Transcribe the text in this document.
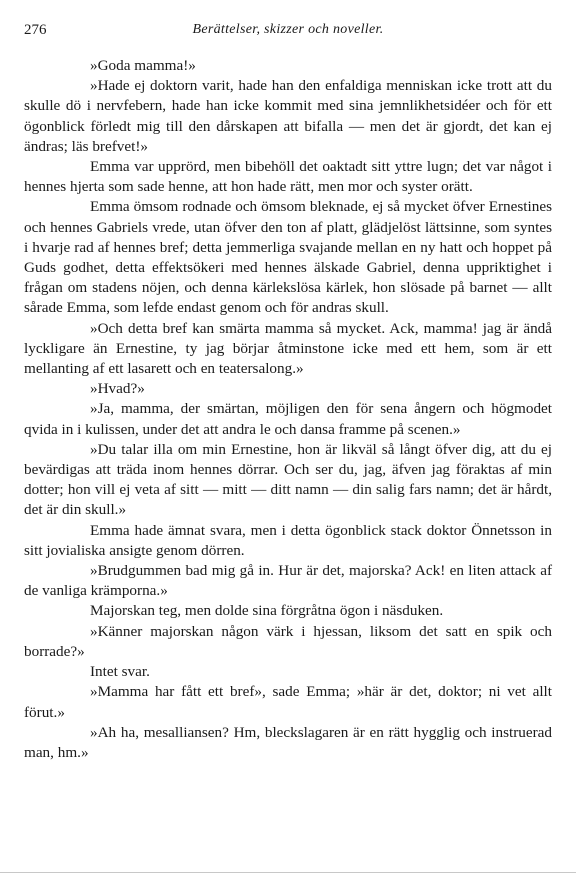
276	Berättelser, skizzer och noveller.

»Goda mamma!»

»Hade ej doktorn varit, hade han den enfaldiga menniskan icke trott att du skulle dö i nervfebern, hade han icke kommit med sina jemnlikhetsidéer och för ett ögonblick förledt mig till den dårskapen att bifalla — men det är gjordt, det kan ej ändras; läs brefvet!»

Emma var upprörd, men bibehöll det oaktadt sitt yttre lugn; det var något i hennes hjerta som sade henne, att hon hade rätt, men mor och syster orätt.

Emma ömsom rodnade och ömsom bleknade, ej så mycket öfver Ernestines och hennes Gabriels vrede, utan öfver den ton af platt, glädjelöst lättsinne, som syntes i hvarje rad af hennes bref; detta jemmerliga svajande mellan en ny hatt och hoppet på Guds godhet, detta effektsökeri med hennes älskade Gabriel, denna uppriktighet i frågan om stadens nöjen, och denna kärlekslösa kärlek, hon slösade på barnet — allt sårade Emma, som lefde endast genom och för andras skull.

»Och detta bref kan smärta mamma så mycket. Ack, mamma! jag är ändå lyckligare än Ernestine, ty jag börjar åtminstone icke med ett hem, som är ett mellanting af ett lasarett och en teatersalong.»

»Hvad?»

»Ja, mamma, der smärtan, möjligen den för sena ångern och högmodet qvida in i kulissen, under det att andra le och dansa framme på scenen.»

»Du talar illa om min Ernestine, hon är likväl så långt öfver dig, att du ej bevärdigas att träda inom hennes dörrar. Och ser du, jag, äfven jag föraktas af min dotter; hon vill ej veta af sitt — mitt — ditt namn — din salig fars namn; det är hårdt, det är din skull.»

Emma hade ämnat svara, men i detta ögonblick stack doktor Önnetsson in sitt jovialiska ansigte genom dörren.

»Brudgummen bad mig gå in. Hur är det, majorska? Ack! en liten attack af de vanliga krämporna.»

Majorskan teg, men dolde sina förgråtna ögon i näsduken.

»Känner majorskan någon värk i hjessan, liksom det satt en spik och borrade?»

Intet svar.

»Mamma har fått ett bref», sade Emma; »här är det, doktor; ni vet allt förut.»

»Ah ha, mesalliansen? Hm, bleckslagaren är en rätt hygglig och instruerad man, hm.»
